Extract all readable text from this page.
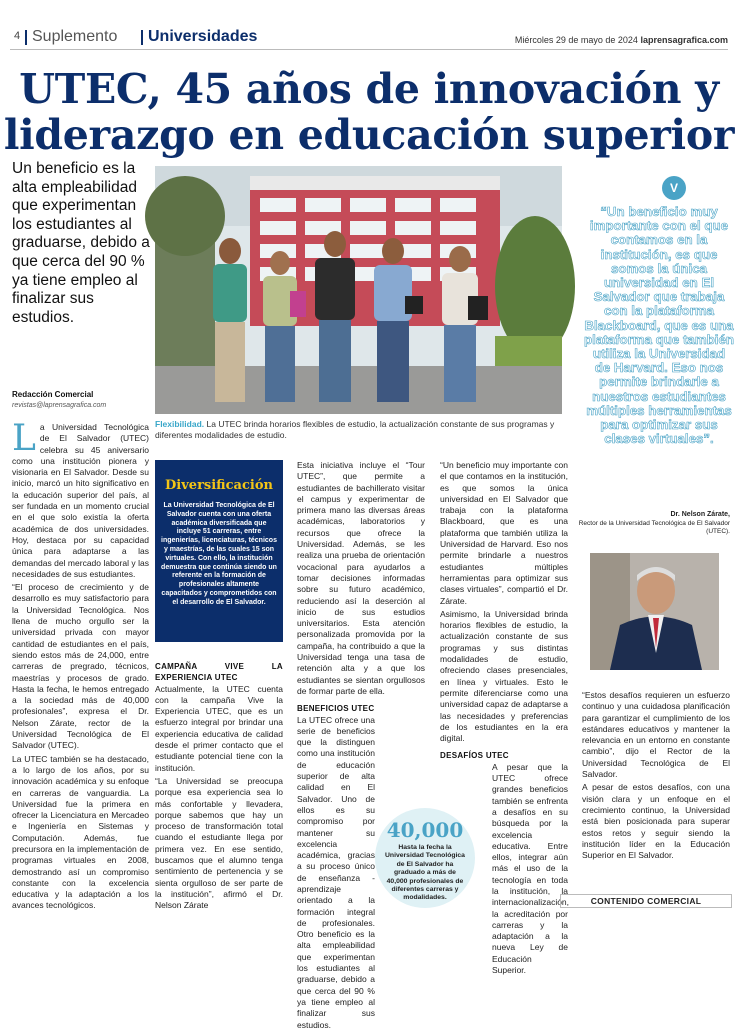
4 Suplemento Universidades	Miércoles 29 de mayo de 2024 laprensagrafica.com
UTEC, 45 años de innovación y
liderazgo en educación superior
Un beneficio es la alta empleabilidad que experimentan los estudiantes al graduarse, debido a que cerca del 90 % ya tiene empleo al finalizar sus estudios.
Redacción Comercial
revistas@laprensagrafica.com
Flexibilidad. La UTEC brinda horarios flexibles de estudio, la actualización constante de sus programas y diferentes modalidades de estudio.
V
“Un beneficio muy importante con el que contamos en la institución, es que somos la única universidad en El Salvador que trabaja con la plataforma Blackboard, que es una plataforma que también utiliza la Universidad de Harvard. Eso nos permite brindarle a nuestros estudiantes múltiples herramientas para optimizar sus clases virtuales”.
Dr. Nelson Zárate,
Rector de la Universidad Tecnológica de El Salvador (UTEC).

La Universidad Tecnológica de El Salvador (UTEC) celebra su 45 aniversario como una institución pionera y visionaria en El Salvador. Desde su inicio, marcó un hito significativo en la educación superior del país, al ser fundada en un momento crucial en el que solo existía la oferta académica de dos universidades. Hoy, destaca por su capacidad única para adaptarse a las demandas del mercado laboral y las necesidades de sus estudiantes.

“El proceso de crecimiento y de desarrollo es muy satisfactorio para la Universidad Tecnológica. Nos llena de mucho orgullo ser la universidad privada con mayor cantidad de estudiantes en el país, siendo estos más de 24,000, entre carreras de pregrado, técnicos, maestrías y procesos de grado. Hasta la fecha, le hemos entregado a la sociedad más de 40,000 profesionales”, expresa el Dr. Nelson Zárate, rector de la Universidad Tecnológica de El Salvador (UTEC).

La UTEC también se ha destacado, a lo largo de los años, por su innovación académica y su enfoque en carreras de vanguardia. La Universidad fue la primera en ofrecer la Licenciatura en Mercadeo e Ingeniería en Sistemas y Computación. Además, fue precursora en la implementación de programas virtuales en 2008, demostrando así un compromiso constante con la excelencia educativa y la adaptación a los avances tecnológicos.

Diversificación
La Universidad Tecnológica de El Salvador cuenta con una oferta académica diversificada que incluye 51 carreras, entre ingenierías, licenciaturas, técnicos y maestrías, de las cuales 15 son virtuales. Con ello, la institución demuestra que continúa siendo un referente en la formación de profesionales altamente capacitados y comprometidos con el desarrollo de El Salvador.
CAMPAÑA VIVE LA EXPERIENCIA UTEC

Actualmente, la UTEC cuenta con la campaña Vive la Experiencia UTEC, que es un esfuerzo integral por brindar una experiencia educativa de calidad desde el primer contacto que el estudiante potencial tiene con la institución.

“La Universidad se preocupa porque esa experiencia sea lo más confortable y llevadera, porque sabemos que hay un proceso de transformación total cuando el estudiante llega por primera vez. En ese sentido, buscamos que el alumno tenga sentimiento de pertenencia y se sienta orgulloso de ser parte de la institución”, afirmó el Dr. Nelson Zárate

Esta iniciativa incluye el “Tour UTEC”, que permite a estudiantes de bachillerato visitar el campus y experimentar de primera mano las diversas áreas académicas, laboratorios y recursos que ofrece la Universidad. Además, se les realiza una prueba de orientación vocacional para ayudarlos a tomar decisiones informadas sobre su futuro académico, reduciendo así la deserción al inicio de sus estudios universitarios. Esta atención personalizada promovida por la campaña, ha contribuido a que la Universidad tenga una tasa de retención alta y a que los estudiantes se sientan orgullosos de formar parte de ella.

BENEFICIOS UTEC

La UTEC ofrece una serie de beneficios que la distinguen como una institución de educación superior de alta calidad en El Salvador. Uno de ellos es su compromiso por mantener su excelencia académica, gracias a su proceso único de enseñanza - aprendizaje orientado a la formación integral de profesionales. Otro beneficio es la alta empleabilidad que experimentan los estudiantes al graduarse, debido a que cerca del 90 % ya tiene empleo al finalizar sus estudios.

“Un beneficio muy importante con el que contamos en la institución, es que somos la única universidad en El Salvador que trabaja con la plataforma Blackboard, que es una plataforma que también utiliza la Universidad de Harvard. Eso nos permite brindarle a nuestros estudiantes múltiples herramientas para optimizar sus clases virtuales”, compartió el Dr. Zárate.

Asimismo, la Universidad brinda horarios flexibles de estudio, la actualización constante de sus programas y sus distintas modalidades de estudio, ofreciendo clases presenciales, en línea y virtuales. Esto le permite diferenciarse como una universidad capaz de adaptarse a las necesidades y preferencias de los estudiantes en la era digital.

DESAFÍOS UTEC

A pesar que la UTEC ofrece grandes beneficios también se enfrenta a desafíos en su búsqueda por la excelencia educativa. Entre ellos, integrar aún más el uso de la tecnología en toda la institución, la internacionalización, la acreditación por carreras y la adaptación a la nueva Ley de Educación Superior.

“Estos desafíos requieren un esfuerzo continuo y una cuidadosa planificación para garantizar el cumplimiento de los estándares educativos y mantener la relevancia en un entorno en constante cambio”, dijo el Rector de la Universidad Tecnológica de El Salvador.

A pesar de estos desafíos, con una visión clara y un enfoque en el crecimiento continuo, la Universidad está bien posicionada para superar estos retos y seguir siendo la institución líder en la Educación Superior en El Salvador.

40,000
Hasta la fecha la Universidad Tecnológica de El Salvador ha graduado a más de 40,000 profesionales de diferentes carreras y modalidades.	CONTENIDO COMERCIAL
